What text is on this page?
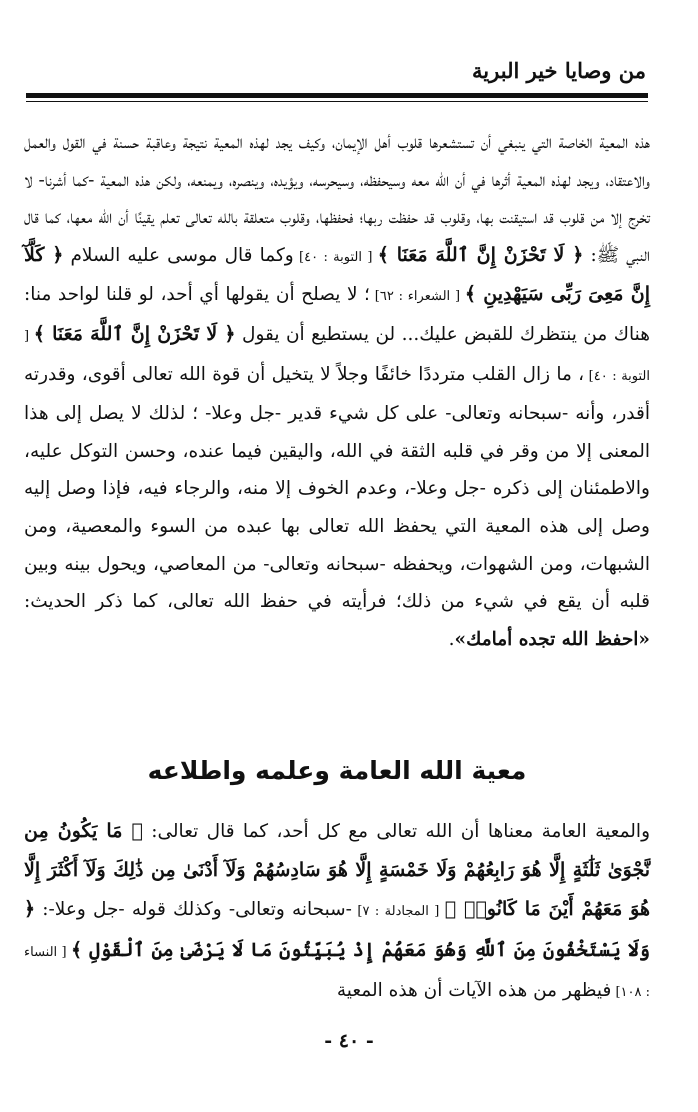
من وصايا خير البرية

هذه المعية الخاصة التي ينبغي أن تستشعرها قلوب أهل الإيمان، وكيف يجد لهذه المعية نتيجة وعاقبة حسنة في القول والعمل والاعتقاد، ويجد لهذه المعية أثرها في أن الله معه وسيحفظه، وسيحرسه، ويؤيده، وينصره، ويمنعه، ولكن هذه المعية -كما أشرنا- لا تخرج إلا من قلوب قد استيقنت بها، وقلوب قد حفظت ربها؛ فحفظها، وقلوب متعلقة بالله تعالى تعلم يقينًا أن الله معها، كما قال النبي ﷺ: ﴿ لَا تَحْزَنْ إِنَّ ٱللَّهَ مَعَنَا ﴾ [ التوبة : ٤٠] وكما قال موسى عليه السلام ﴿ كَلَّآ إِنَّ مَعِىَ رَبِّى سَيَهْدِينِ ﴾ [ الشعراء : ٦٢] ؛ لا يصلح أن يقولها أي أحد، لو قلنا لواحد منا: هناك من ينتظرك للقبض عليك... لن يستطيع أن يقول ﴿ لَا تَحْزَنْ إِنَّ ٱللَّهَ مَعَنَا ﴾ [ التوبة : ٤٠] ، ما زال القلب مترددًا خائفًا وجلاً لا يتخيل أن قوة الله تعالى أقوى، وقدرته أقدر، وأنه -سبحانه وتعالى- على كل شيء قدير -جل وعلا- ؛ لذلك لا يصل إلى هذا المعنى إلا من وقر في قلبه الثقة في الله، واليقين فيما عنده، وحسن التوكل عليه، والاطمئنان إلى ذكره -جل وعلا-، وعدم الخوف إلا منه، والرجاء فيه، فإذا وصل إليه وصل إلى هذه المعية التي يحفظ الله تعالى بها عبده من السوء والمعصية، ومن الشبهات، ومن الشهوات، ويحفظه -سبحانه وتعالى- من المعاصي، ويحول بينه وبين قلبه أن يقع في شيء من ذلك؛ فرأيته في حفظ الله تعالى، كما ذكر الحديث: «احفظ الله تجده أمامك».

معية الله العامة وعلمه واطلاعه

والمعية العامة معناها أن الله تعالى مع كل أحد، كما قال تعالى: ﴿ مَا يَكُونُ مِن نَّجْوَىٰ ثَلَٰثَةٍ إِلَّا هُوَ رَابِعُهُمْ وَلَا خَمْسَةٍ إِلَّا هُوَ سَادِسُهُمْ وَلَآ أَدْنَىٰ مِن ذَٰلِكَ وَلَآ أَكْثَرَ إِلَّا هُوَ مَعَهُمْ أَيْنَ مَا كَانُوا۟ ﴾ [ المجادلة : ٧] -سبحانه وتعالى- وكذلك قوله -جل وعلا-: ﴿ وَلَا يَسْتَخْفُونَ مِنَ ٱللَّهِ وَهُوَ مَعَهُمْ إِذْ يُبَيِّتُونَ مَا لَا يَرْضَىٰ مِنَ ٱلْقَوْلِ ﴾ [ النساء : ١٠٨] فيظهر من هذه الآيات أن هذه المعية

- ٤٠ -
